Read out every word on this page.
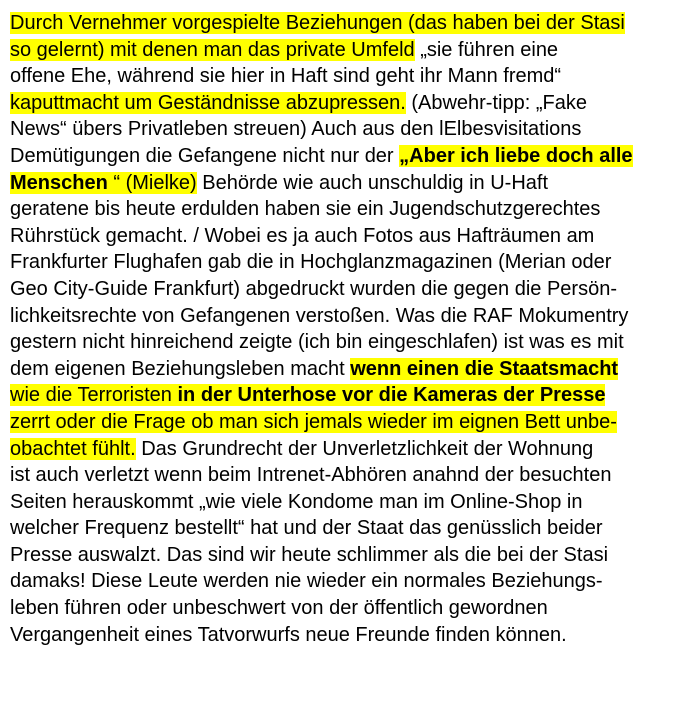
Durch Vernehmer vorgespielte Beziehungen (das haben bei der Stasi
so gelernt) mit denen man das private Umfeld „sie führen eine
offene Ehe, während sie hier in Haft sind geht ihr Mann fremd“
kaputtmacht um Geständnisse abzupressen. (Abwehr-tipp: „Fake
News“ übers Privatleben streuen) Auch aus den lElbesvisitations
Demütigungen die Gefangene nicht nur der „Aber ich liebe doch alle
Menschen “ (Mielke) Behörde wie auch unschuldig in U-Haft
geratene bis heute erdulden haben sie ein Jugendschutzgerechtes
Rührstück gemacht. / Wobei es ja auch Fotos aus Hafträumen am
Frankfurter Flughafen gab die in Hochglanzmagazinen (Merian oder
Geo City-Guide Frankfurt) abgedruckt wurden die gegen die Persön-
lichkeitsrechte von Gefangenen verstoßen. Was die RAF Mokumentry
gestern nicht hinreichend zeigte (ich bin eingeschlafen) ist was es mit
dem eigenen Beziehungsleben macht wenn einen die Staatsmacht
wie die Terroristen in der Unterhose vor die Kameras der Presse
zerrt oder die Frage ob man sich jemals wieder im eignen Bett unbe-
obachtet fühlt. Das Grundrecht der Unverletzlichkeit der Wohnung
ist auch verletzt wenn beim Intrenet-Abhören anahnd der besuchten
Seiten herauskommt „wie viele Kondome man im Online-Shop in
welcher Frequenz bestellt“ hat und der Staat das genüsslich beider
Presse auswalzt. Das sind wir heute schlimmer als die bei der Stasi
damaks! Diese Leute werden nie wieder ein normales Beziehungs-
leben führen oder unbeschwert von der öffentlich gewordnen
Vergangenheit eines Tatvorwurfs neue Freunde finden können.
